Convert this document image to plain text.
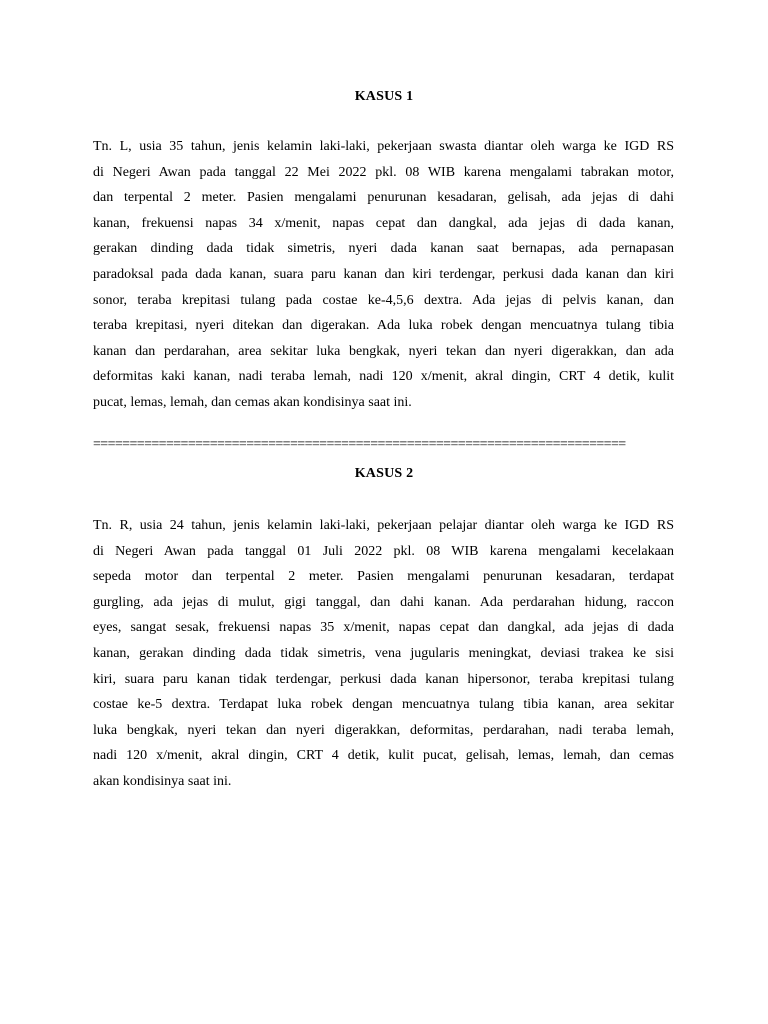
KASUS 1
Tn. L, usia 35 tahun, jenis kelamin laki-laki, pekerjaan swasta diantar oleh warga ke IGD RS
di Negeri Awan pada tanggal 22 Mei 2022 pkl. 08 WIB karena mengalami tabrakan motor,
dan terpental 2 meter. Pasien mengalami penurunan kesadaran, gelisah, ada jejas di dahi
kanan, frekuensi napas 34 x/menit, napas cepat dan dangkal, ada jejas di dada kanan,
gerakan dinding dada tidak simetris, nyeri dada kanan saat bernapas, ada pernapasan
paradoksal pada dada kanan, suara paru kanan dan kiri terdengar, perkusi dada kanan dan kiri
sonor, teraba krepitasi tulang pada costae ke-4,5,6 dextra. Ada jejas di pelvis kanan, dan
teraba krepitasi, nyeri ditekan dan digerakan. Ada luka robek dengan mencuatnya tulang tibia
kanan dan perdarahan, area sekitar luka bengkak, nyeri tekan dan nyeri digerakkan, dan ada
deformitas kaki kanan, nadi teraba lemah, nadi 120 x/menit, akral dingin, CRT 4 detik, kulit
pucat, lemas, lemah, dan cemas akan kondisinya saat ini.
=========================================================================
KASUS 2
Tn. R, usia 24 tahun, jenis kelamin laki-laki, pekerjaan pelajar diantar oleh warga ke IGD RS
di Negeri Awan pada tanggal 01 Juli 2022 pkl. 08 WIB karena mengalami kecelakaan
sepeda motor dan terpental 2 meter. Pasien mengalami penurunan kesadaran, terdapat
gurgling, ada jejas di mulut, gigi tanggal, dan dahi kanan. Ada perdarahan hidung, raccon
eyes, sangat sesak, frekuensi napas 35 x/menit, napas cepat dan dangkal, ada jejas di dada
kanan, gerakan dinding dada tidak simetris, vena jugularis meningkat, deviasi trakea ke sisi
kiri, suara paru kanan tidak terdengar, perkusi dada kanan hipersonor, teraba krepitasi tulang
costae ke-5 dextra. Terdapat luka robek dengan mencuatnya tulang tibia kanan, area sekitar
luka bengkak, nyeri tekan dan nyeri digerakkan, deformitas, perdarahan, nadi teraba lemah,
nadi 120 x/menit, akral dingin, CRT 4 detik, kulit pucat, gelisah, lemas, lemah, dan cemas
akan kondisinya saat ini.
